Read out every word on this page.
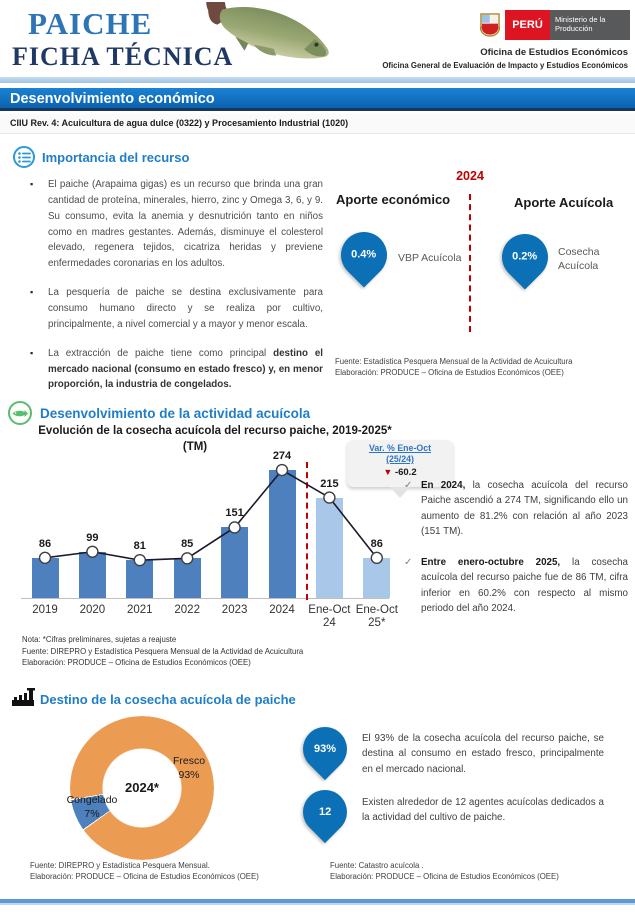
PAICHE
FICHA TÉCNICA
PERÚ	Ministerio de la Producción
Oficina de Estudios Económicos
Oficina General de Evaluación de Impacto y Estudios Económicos
Desenvolvimiento económico
CIIU Rev. 4: Acuicultura de agua dulce (0322) y Procesamiento Industrial (1020)
Importancia del recurso
▪ El paiche (Arapaima gigas) es un recurso que brinda una gran cantidad de proteína, minerales, hierro, zinc y Omega 3, 6, y 9. Su consumo, evita la anemia y desnutrición tanto en niños como en madres gestantes. Además, disminuye el colesterol elevado, regenera tejidos, cicatriza heridas y previene enfermedades coronarias en los adultos.
▪ La pesquería de paiche se destina exclusivamente para consumo humano directo y se realiza por cultivo, principalmente, a nivel comercial y a mayor y menor escala.
▪ La extracción de paiche tiene como principal destino el mercado nacional (consumo en estado fresco) y, en menor proporción, la industria de congelados.
2024
Aporte económico	Aporte Acuícola
0.4% VBP Acuícola	0.2% Cosecha Acuícola
Fuente: Estadística Pesquera Mensual de la Actividad de Acuicultura
Elaboración: PRODUCE – Oficina de Estudios Económicos (OEE)
Desenvolvimiento de la actividad acuícola
Evolución de la cosecha acuícola del recurso paiche, 2019-2025*
(TM)	Var. % Ene-Oct
(25/24)
▼ -60.2
86
2019
99
2020
81
2021
85
2022
151
2023
274
2024
215
Ene-Oct
24
86
Ene-Oct
25*
Nota: *Cifras preliminares, sujetas a reajuste
Fuente: DIREPRO y Estadística Pesquera Mensual de la Actividad de Acuicultura
Elaboración: PRODUCE – Oficina de Estudios Económicos (OEE)
✓ En 2024, la cosecha acuícola del recurso Paiche ascendió a 274 TM, significando ello un aumento de 81.2% con relación al año 2023 (151 TM).
✓ Entre enero-octubre 2025, la cosecha acuícola del recurso paiche fue de 86 TM, cifra inferior en 60.2% con respecto al mismo periodo del año 2024.
Destino de la cosecha acuícola de paiche
2024*
Fresco
93%
Congelado
7%
Fuente: DIREPRO y Estadística Pesquera Mensual.
Elaboración: PRODUCE – Oficina de Estudios Económicos (OEE)
93%
El 93% de la cosecha acuícola del recurso paiche, se destina al consumo en estado fresco, principalmente en el mercado nacional.
12
Existen alrededor de 12 agentes acuícolas dedicados a la actividad del cultivo de paiche.
Fuente: Catastro acuícola .
Elaboración: PRODUCE – Oficina de Estudios Económicos (OEE)
